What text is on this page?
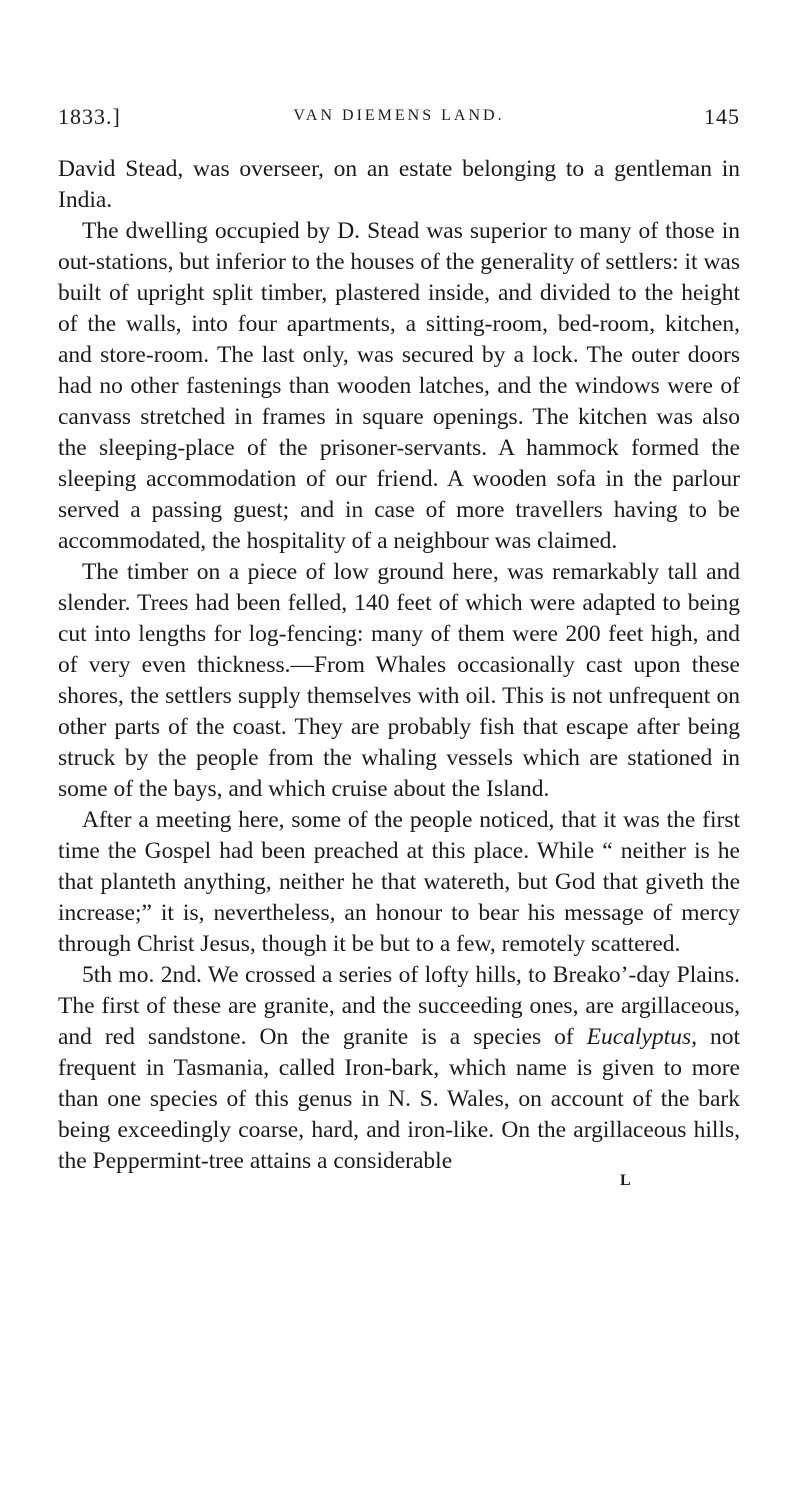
1833.]	VAN DIEMENS LAND.	145

David Stead, was overseer, on an estate belonging to a gentleman in India.

The dwelling occupied by D. Stead was superior to many of those in out-stations, but inferior to the houses of the generality of settlers: it was built of upright split timber, plastered inside, and divided to the height of the walls, into four apartments, a sitting-room, bed-room, kitchen, and store-room. The last only, was secured by a lock. The outer doors had no other fastenings than wooden latches, and the windows were of canvass stretched in frames in square openings. The kitchen was also the sleeping-place of the prisoner-servants. A hammock formed the sleeping accommodation of our friend. A wooden sofa in the parlour served a passing guest; and in case of more travellers having to be accommodated, the hospitality of a neighbour was claimed.

The timber on a piece of low ground here, was remarkably tall and slender. Trees had been felled, 140 feet of which were adapted to being cut into lengths for log-fencing: many of them were 200 feet high, and of very even thickness.—From Whales occasionally cast upon these shores, the settlers supply themselves with oil. This is not unfrequent on other parts of the coast. They are probably fish that escape after being struck by the people from the whaling vessels which are stationed in some of the bays, and which cruise about the Island.

After a meeting here, some of the people noticed, that it was the first time the Gospel had been preached at this place. While “ neither is he that planteth anything, neither he that watereth, but God that giveth the increase;” it is, nevertheless, an honour to bear his message of mercy through Christ Jesus, though it be but to a few, remotely scattered.

5th mo. 2nd. We crossed a series of lofty hills, to Breako’-day Plains. The first of these are granite, and the succeeding ones, are argillaceous, and red sandstone. On the granite is a species of Eucalyptus, not frequent in Tasmania, called Iron-bark, which name is given to more than one species of this genus in N. S. Wales, on account of the bark being exceedingly coarse, hard, and iron-like. On the argillaceous hills, the Peppermint-tree attains a considerable

L
